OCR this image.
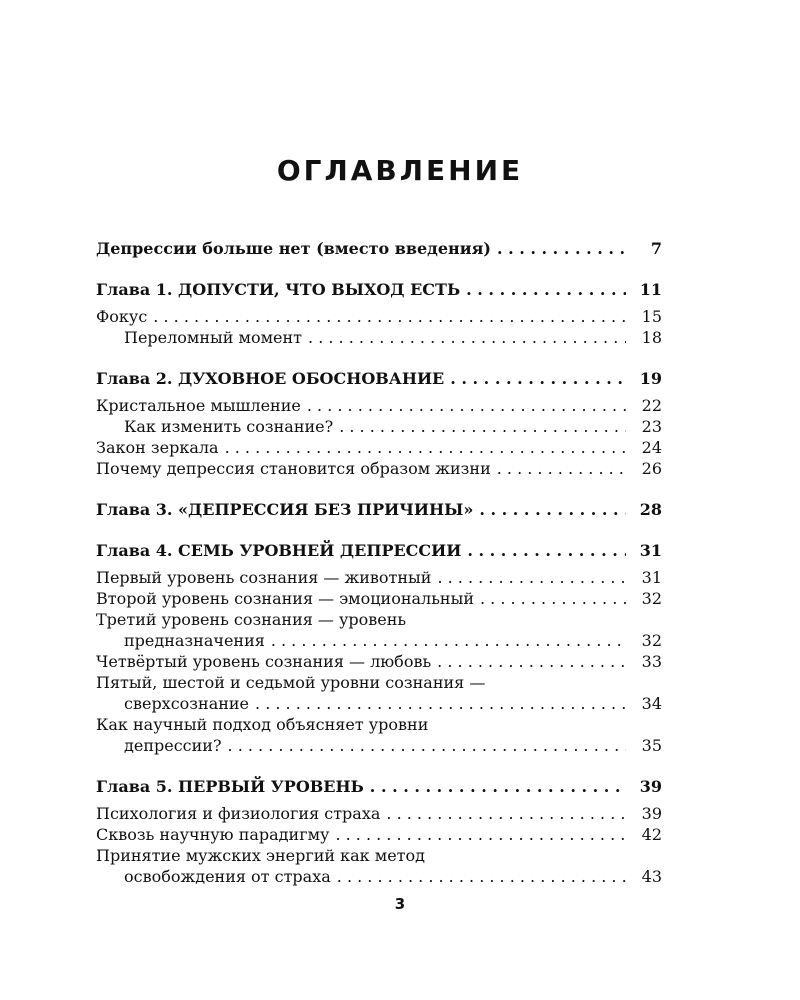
ОГЛАВЛЕНИЕ
Депрессии больше нет (вместо введения) . . .	7
Глава 1. ДОПУСТИ, ЧТО ВЫХОД ЕСТЬ . . .	11
Фокус . . .	15
Переломный момент . . .	18
Глава 2. ДУХОВНОЕ ОБОСНОВАНИЕ . . .	19
Кристальное мышление . . .	22
Как изменить сознание? . . .	23
Закон зеркала . . .	24
Почему депрессия становится образом жизни . . .	26
Глава 3. «ДЕПРЕССИЯ БЕЗ ПРИЧИНЫ» . . .	28
Глава 4. СЕМЬ УРОВНЕЙ ДЕПРЕССИИ . . .	31
Первый уровень сознания — животный . . .	31
Второй уровень сознания — эмоциональный . . .	32
Третий уровень сознания — уровень
предназначения . . .	32
Четвёртый уровень сознания — любовь . . .	33
Пятый, шестой и седьмой уровни сознания —
сверхсознание . . .	34
Как научный подход объясняет уровни
депрессии? . . .	35
Глава 5. ПЕРВЫЙ УРОВЕНЬ . . .	39
Психология и физиология страха . . .	39
Сквозь научную парадигму . . .	42
Принятие мужских энергий как метод
освобождения от страха . . .	43
3
